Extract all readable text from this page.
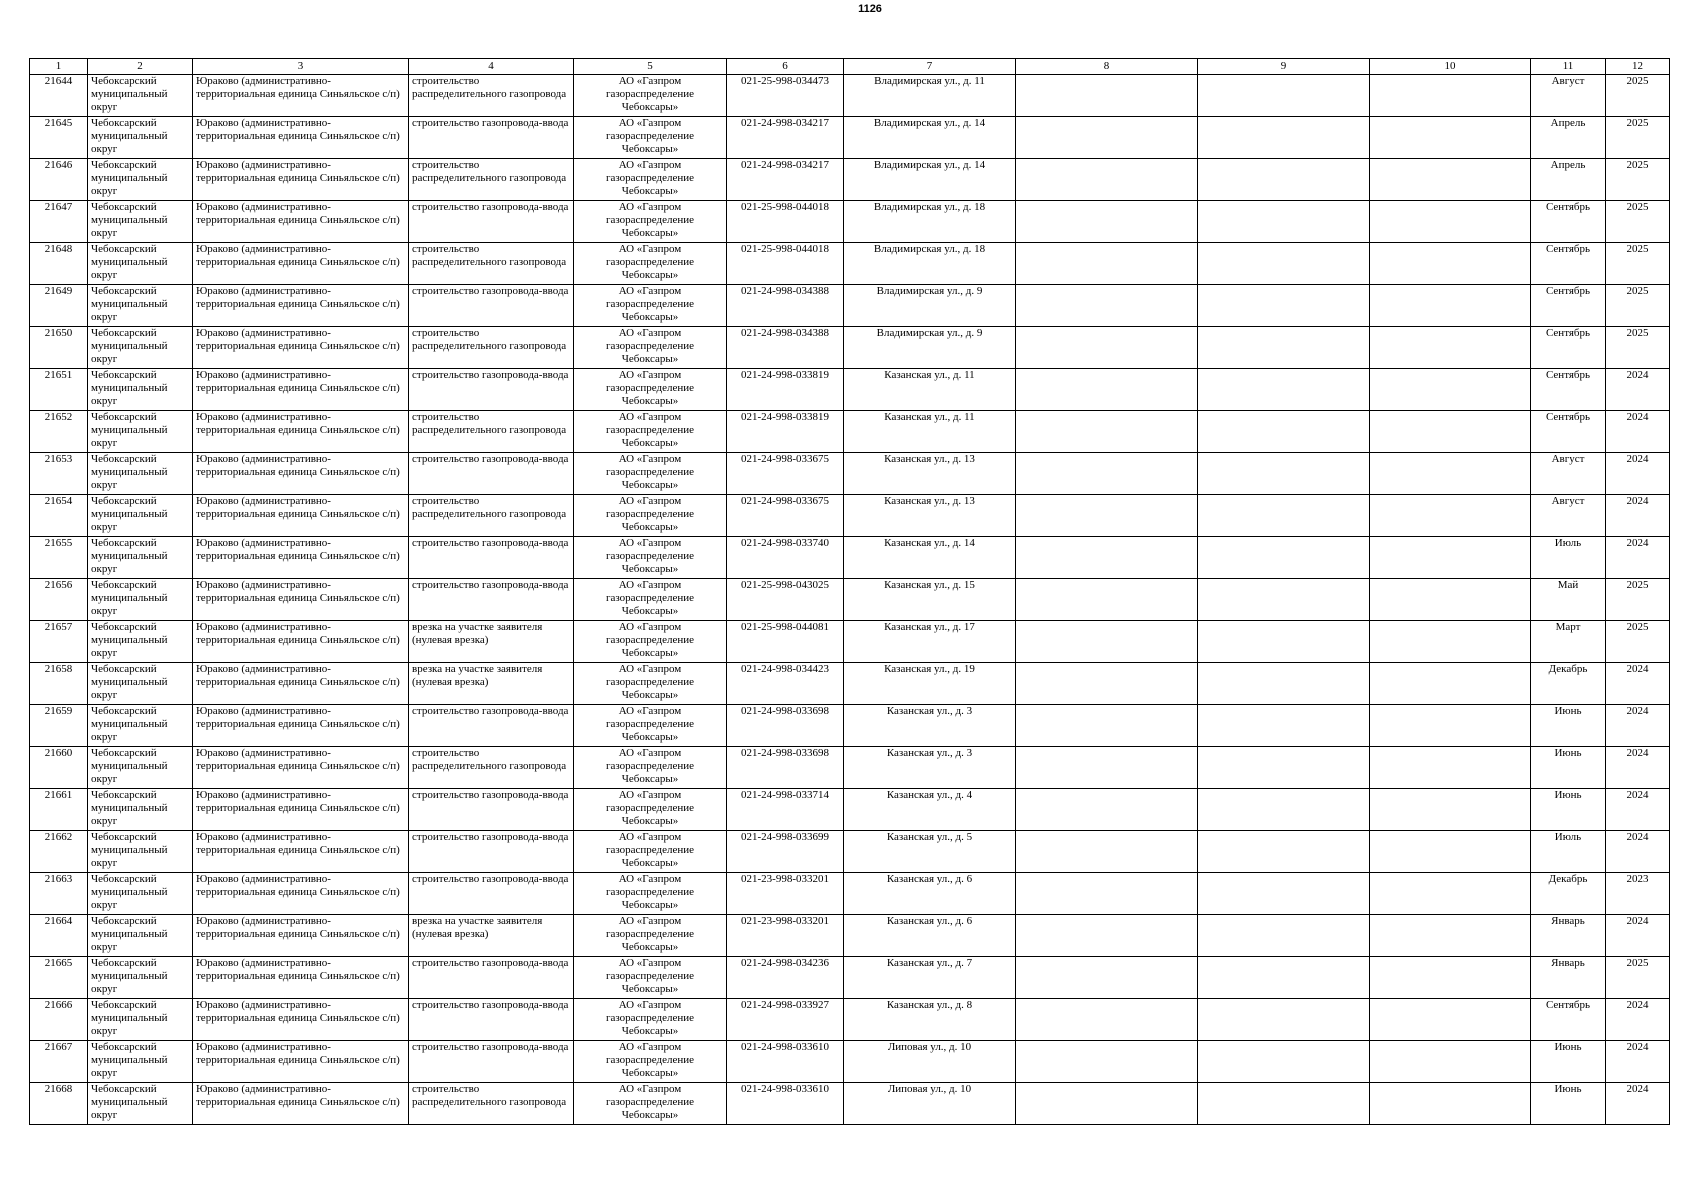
1126
1	2	3	4	5	6	7	8	9	10	11	12

21644	Чебоксарский муниципальный округ	Юраково (административно-территориальная единица Синьяльское с/п)	строительство распределительного газопровода	АО «Газпром газораспределение Чебоксары»	021-25-998-034473	Владимирская ул., д. 11				Август	2025

21645	Чебоксарский муниципальный округ	Юраково (административно-территориальная единица Синьяльское с/п)	строительство газопровода-ввода	АО «Газпром газораспределение Чебоксары»	021-24-998-034217	Владимирская ул., д. 14				Апрель	2025

21646	Чебоксарский муниципальный округ	Юраково (административно-территориальная единица Синьяльское с/п)	строительство распределительного газопровода	АО «Газпром газораспределение Чебоксары»	021-24-998-034217	Владимирская ул., д. 14				Апрель	2025

21647	Чебоксарский муниципальный округ	Юраково (административно-территориальная единица Синьяльское с/п)	строительство газопровода-ввода	АО «Газпром газораспределение Чебоксары»	021-25-998-044018	Владимирская ул., д. 18				Сентябрь	2025

21648	Чебоксарский муниципальный округ	Юраково (административно-территориальная единица Синьяльское с/п)	строительство распределительного газопровода	АО «Газпром газораспределение Чебоксары»	021-25-998-044018	Владимирская ул., д. 18				Сентябрь	2025

21649	Чебоксарский муниципальный округ	Юраково (административно-территориальная единица Синьяльское с/п)	строительство газопровода-ввода	АО «Газпром газораспределение Чебоксары»	021-24-998-034388	Владимирская ул., д. 9				Сентябрь	2025

21650	Чебоксарский муниципальный округ	Юраково (административно-территориальная единица Синьяльское с/п)	строительство распределительного газопровода	АО «Газпром газораспределение Чебоксары»	021-24-998-034388	Владимирская ул., д. 9				Сентябрь	2025

21651	Чебоксарский муниципальный округ	Юраково (административно-территориальная единица Синьяльское с/п)	строительство газопровода-ввода	АО «Газпром газораспределение Чебоксары»	021-24-998-033819	Казанская ул., д. 11				Сентябрь	2024

21652	Чебоксарский муниципальный округ	Юраково (административно-территориальная единица Синьяльское с/п)	строительство распределительного газопровода	АО «Газпром газораспределение Чебоксары»	021-24-998-033819	Казанская ул., д. 11				Сентябрь	2024

21653	Чебоксарский муниципальный округ	Юраково (административно-территориальная единица Синьяльское с/п)	строительство газопровода-ввода	АО «Газпром газораспределение Чебоксары»	021-24-998-033675	Казанская ул., д. 13				Август	2024

21654	Чебоксарский муниципальный округ	Юраково (административно-территориальная единица Синьяльское с/п)	строительство распределительного газопровода	АО «Газпром газораспределение Чебоксары»	021-24-998-033675	Казанская ул., д. 13				Август	2024

21655	Чебоксарский муниципальный округ	Юраково (административно-территориальная единица Синьяльское с/п)	строительство газопровода-ввода	АО «Газпром газораспределение Чебоксары»	021-24-998-033740	Казанская ул., д. 14				Июль	2024

21656	Чебоксарский муниципальный округ	Юраково (административно-территориальная единица Синьяльское с/п)	строительство газопровода-ввода	АО «Газпром газораспределение Чебоксары»	021-25-998-043025	Казанская ул., д. 15				Май	2025

21657	Чебоксарский муниципальный округ	Юраково (административно-территориальная единица Синьяльское с/п)	врезка на участке заявителя (нулевая врезка)	АО «Газпром газораспределение Чебоксары»	021-25-998-044081	Казанская ул., д. 17				Март	2025

21658	Чебоксарский муниципальный округ	Юраково (административно-территориальная единица Синьяльское с/п)	врезка на участке заявителя (нулевая врезка)	АО «Газпром газораспределение Чебоксары»	021-24-998-034423	Казанская ул., д. 19				Декабрь	2024

21659	Чебоксарский муниципальный округ	Юраково (административно-территориальная единица Синьяльское с/п)	строительство газопровода-ввода	АО «Газпром газораспределение Чебоксары»	021-24-998-033698	Казанская ул., д. 3				Июнь	2024

21660	Чебоксарский муниципальный округ	Юраково (административно-территориальная единица Синьяльское с/п)	строительство распределительного газопровода	АО «Газпром газораспределение Чебоксары»	021-24-998-033698	Казанская ул., д. 3				Июнь	2024

21661	Чебоксарский муниципальный округ	Юраково (административно-территориальная единица Синьяльское с/п)	строительство газопровода-ввода	АО «Газпром газораспределение Чебоксары»	021-24-998-033714	Казанская ул., д. 4				Июнь	2024

21662	Чебоксарский муниципальный округ	Юраково (административно-территориальная единица Синьяльское с/п)	строительство газопровода-ввода	АО «Газпром газораспределение Чебоксары»	021-24-998-033699	Казанская ул., д. 5				Июль	2024

21663	Чебоксарский муниципальный округ	Юраково (административно-территориальная единица Синьяльское с/п)	строительство газопровода-ввода	АО «Газпром газораспределение Чебоксары»	021-23-998-033201	Казанская ул., д. 6				Декабрь	2023

21664	Чебоксарский муниципальный округ	Юраково (административно-территориальная единица Синьяльское с/п)	врезка на участке заявителя (нулевая врезка)	АО «Газпром газораспределение Чебоксары»	021-23-998-033201	Казанская ул., д. 6				Январь	2024

21665	Чебоксарский муниципальный округ	Юраково (административно-территориальная единица Синьяльское с/п)	строительство газопровода-ввода	АО «Газпром газораспределение Чебоксары»	021-24-998-034236	Казанская ул., д. 7				Январь	2025

21666	Чебоксарский муниципальный округ	Юраково (административно-территориальная единица Синьяльское с/п)	строительство газопровода-ввода	АО «Газпром газораспределение Чебоксары»	021-24-998-033927	Казанская ул., д. 8				Сентябрь	2024

21667	Чебоксарский муниципальный округ	Юраково (административно-территориальная единица Синьяльское с/п)	строительство газопровода-ввода	АО «Газпром газораспределение Чебоксары»	021-24-998-033610	Липовая ул., д. 10				Июнь	2024

21668	Чебоксарский муниципальный округ	Юраково (административно-территориальная единица Синьяльское с/п)	строительство распределительного газопровода	АО «Газпром газораспределение Чебоксары»	021-24-998-033610	Липовая ул., д. 10				Июнь	2024
